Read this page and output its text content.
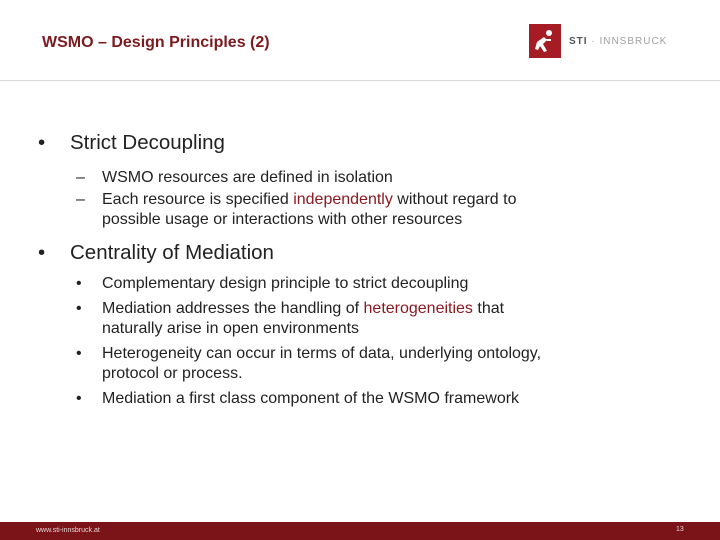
WSMO – Design Principles (2)	STI · INNSBRUCK
• Strict Decoupling
– WSMO resources are defined in isolation
– Each resource is specified independently without regard to
possible usage or interactions with other resources
• Centrality of Mediation
• Complementary design principle to strict decoupling
• Mediation addresses the handling of heterogeneities that
naturally arise in open environments
• Heterogeneity can occur in terms of data, underlying ontology,
protocol or process.
• Mediation a first class component of the WSMO framework
www.sti-innsbruck.at	13
